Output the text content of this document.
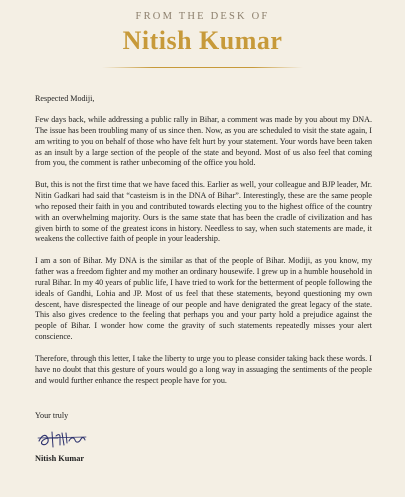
FROM THE DESK OF

Nitish Kumar

Respected Modiji,

Few days back, while addressing a public rally in Bihar, a comment was made by you about my DNA. The issue has been troubling many of us since then. Now, as you are scheduled to visit the state again, I am writing to you on behalf of those who have felt hurt by your statement. Your words have been taken as an insult by a large section of the people of the state and beyond. Most of us also feel that coming from you, the comment is rather unbecoming of the office you hold.

But, this is not the first time that we have faced this. Earlier as well, your colleague and BJP leader, Mr. Nitin Gadkari had said that “casteism is in the DNA of Bihar”. Interestingly, these are the same people who reposed their faith in you and contributed towards electing you to the highest office of the country with an overwhelming majority. Ours is the same state that has been the cradle of civilization and has given birth to some of the greatest icons in history. Needless to say, when such statements are made, it weakens the collective faith of people in your leadership.

I am a son of Bihar. My DNA is the similar as that of the people of Bihar. Modiji, as you know, my father was a freedom fighter and my mother an ordinary housewife. I grew up in a humble household in rural Bihar. In my 40 years of public life, I have tried to work for the betterment of people following the ideals of Gandhi, Lohia and JP. Most of us feel that these statements, beyond questioning my own descent, have disrespected the lineage of our people and have denigrated the great legacy of the state. This also gives credence to the feeling that perhaps you and your party hold a prejudice against the people of Bihar. I wonder how come the gravity of such statements repeatedly misses your alert conscience.

Therefore, through this letter, I take the liberty to urge you to please consider taking back these words. I have no doubt that this gesture of yours would go a long way in assuaging the sentiments of the people and would further enhance the respect people have for you.

Your truly
Nitish Kumar
